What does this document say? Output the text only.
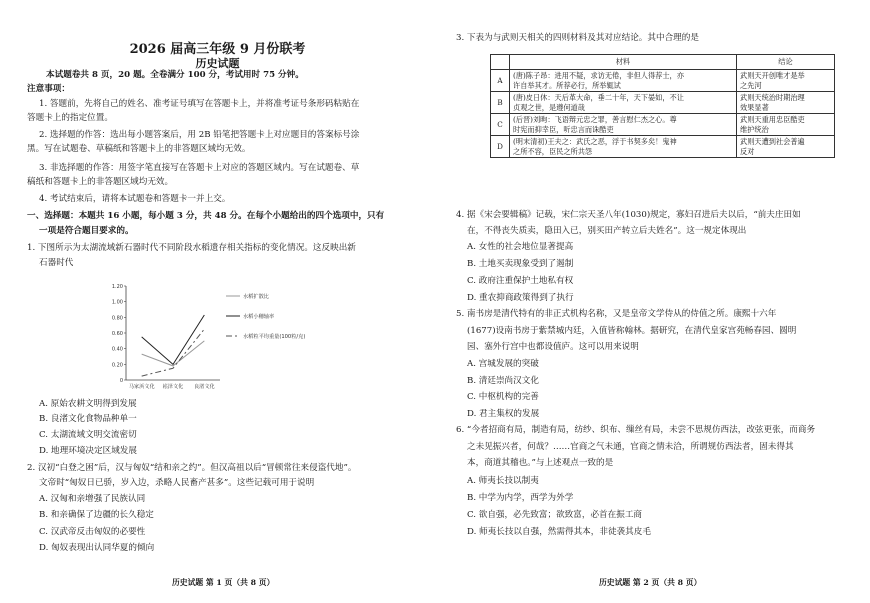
2026 届高三年级 9 月份联考
历史试题
本试题卷共 8 页，20 题。全卷满分 100 分，考试用时 75 分钟。
注意事项：
1. 答题前，先将自己的姓名、准考证号填写在答题卡上，并将准考证号条形码粘贴在
答题卡上的指定位置。
2. 选择题的作答：选出每小题答案后，用 2B 铅笔把答题卡上对应题目的答案标号涂
黑。写在试题卷、草稿纸和答题卡上的非答题区域均无效。
3. 非选择题的作答：用签字笔直接写在答题卡上对应的答题区域内。写在试题卷、草
稿纸和答题卡上的非答题区域均无效。
4. 考试结束后，请将本试题卷和答题卡一并上交。
一、选择题：本题共 16 小题，每小题 3 分，共 48 分。在每个小题给出的四个选项中，只有
一项是符合题目要求的。
1. 下图所示为太湖流域新石器时代不同阶段水稻遗存相关指标的变化情况。这反映出新
石器时代
0
0.20
0.40
0.60
0.80
1.00
1.20
马家浜文化 崧泽文化 良渚文化
水稻扩散比
水稻小穗轴率
水稻粒平均重量(100粒/克)
A. 原始农耕文明得到发展
B. 良渚文化食物品种单一
C. 太湖流域文明交流密切
D. 地理环境决定区域发展
2. 汉初“白登之困”后，汉与匈奴“结和亲之约”。但汉高祖以后“冒顿常往来侵盗代地”。
文帝时“匈奴日已骄，岁入边，杀略人民畜产甚多”。这些记载可用于说明
A. 汉匈和亲增强了民族认同
B. 和亲确保了边疆的长久稳定
C. 汉武帝反击匈奴的必要性
D. 匈奴表现出认同华夏的倾向
历史试题 第 1 页（共 8 页）
3. 下表为与武则天相关的四则材料及其对应结论。其中合理的是
	材料	结论
A	(唐)陈子昂：进用不疑，求访无倦，非但人得荐士，亦
许自举其才。所荐必行，所举辄试	武则天开创唯才是举
之先河
B	(唐)皮日休：天后革大命，垂二十年，天下晏如，不让
贞观之世，是遵何道哉	武则天统治时期治理
效果显著
C	(后晋)刘昫：飞语辩元忠之罪，善言慰仁杰之心。尊
时宪而抑幸臣，听忠言而诛酷吏	武则天重用忠臣酷吏
维护统治
D	(明末清初)王夫之：武氏之恶，浮于书契多矣！鬼神
之所不容，臣民之所共怨	武则天遭到社会普遍
反对
4. 据《宋会要辑稿》记载，宋仁宗天圣八年(1030)规定，寡妇召进后夫以后，“前夫庄田如
在，不得丧失质卖，隐田入已，别买田产转立后夫姓名”。这一规定体现出
A. 女性的社会地位显著提高
B. 土地买卖现象受到了遏制
C. 政府注重保护土地私有权
D. 重农抑商政策得到了执行
5. 南书房是清代特有的非正式机构名称，又是皇帝文学侍从的侍值之所。康熙十六年
(1677)设南书房于紫禁城内廷，入值皆称翰林。据研究，在清代皇家宫苑畅春园、圆明
园、塞外行宫中也都设值庐。这可以用来说明
A. 宫城发展的突破
B. 清廷崇尚汉文化
C. 中枢机构的完善
D. 君主集权的发展
6. “今者招商有局，制造有局，纺纱、织布、缫丝有局，未尝不思规仿西法，改弦更张，而商务
之未见振兴者，何哉？……官商之气未通，官商之情未洽，所谓规仿西法者，固未得其
本，商道其稽也。”与上述观点一致的是
A. 师夷长技以制夷
B. 中学为内学，西学为外学
C. 欲自强，必先致富；欲致富，必首在振工商
D. 师夷长技以自强，然需得其本，非徒袭其皮毛
历史试题 第 2 页（共 8 页）
